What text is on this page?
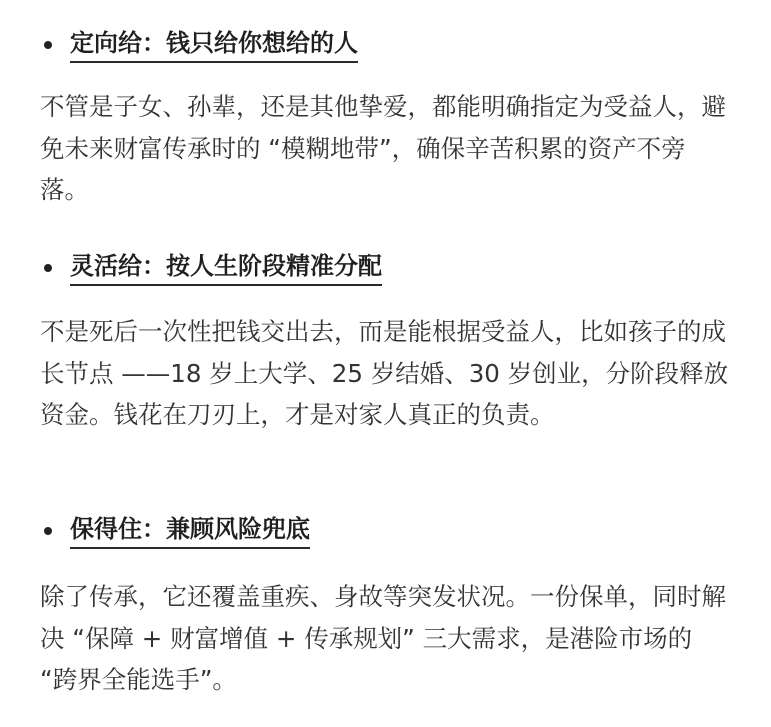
定向给：钱只给你想给的人

不管是子女、孙辈，还是其他挚爱，都能明确指定为受益人，避免未来财富传承时的 “模糊地带”，确保辛苦积累的资产不旁落。

灵活给：按人生阶段精准分配

不是死后一次性把钱交出去，而是能根据受益人，比如孩子的成长节点 ——18 岁上大学、25 岁结婚、30 岁创业，分阶段释放资金。钱花在刀刃上，才是对家人真正的负责。

保得住：兼顾风险兜底

除了传承，它还覆盖重疾、身故等突发状况。一份保单，同时解决 “保障 + 财富增值 + 传承规划” 三大需求，是港险市场的 “跨界全能选手”。
